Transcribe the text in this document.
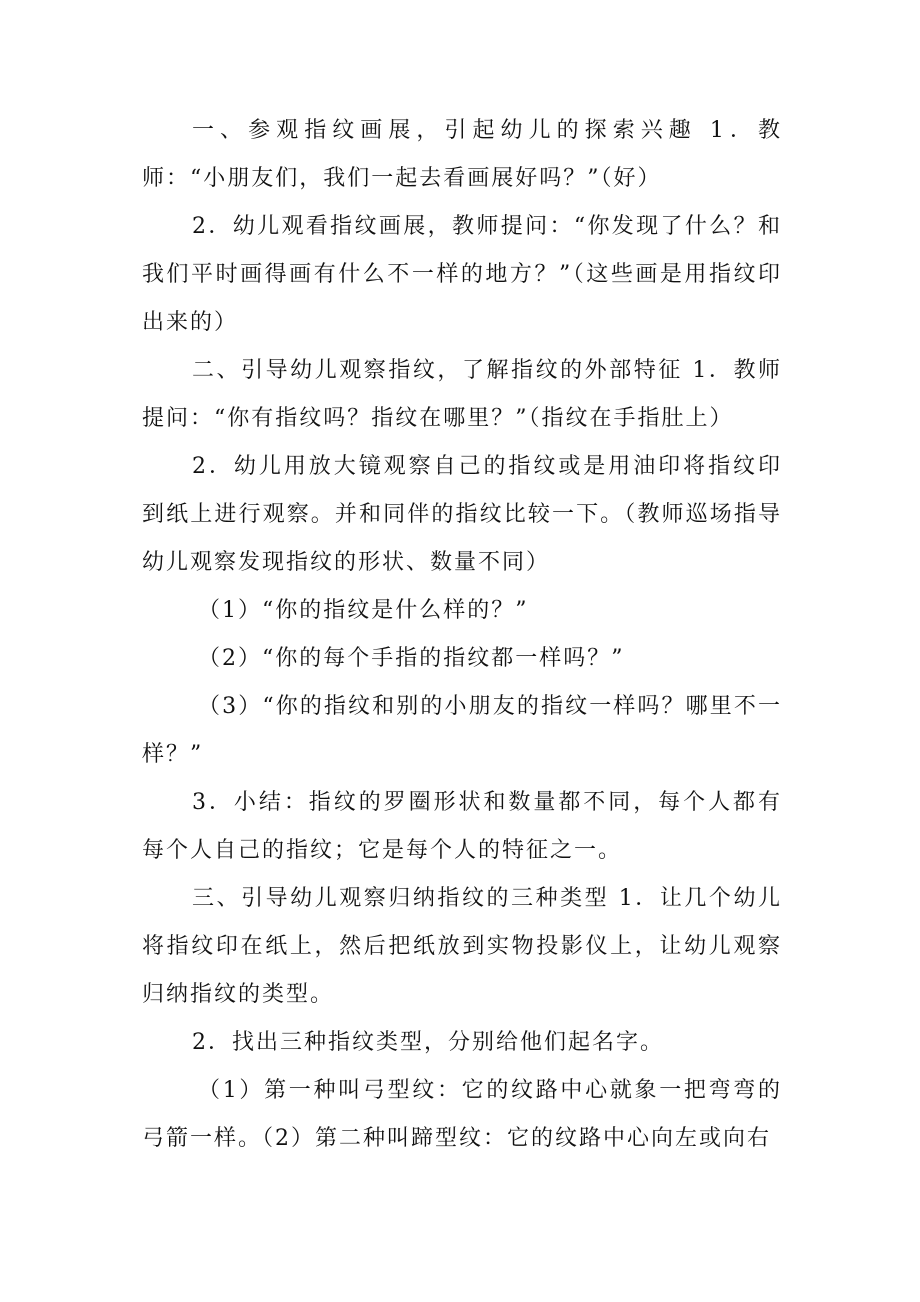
一、参观指纹画展，引起幼儿的探索兴趣 1．教师：“小朋友们，我们一起去看画展好吗？”（好）

2．幼儿观看指纹画展，教师提问：“你发现了什么？和我们平时画得画有什么不一样的地方？”（这些画是用指纹印出来的）

二、引导幼儿观察指纹，了解指纹的外部特征 1．教师提问：“你有指纹吗？指纹在哪里？”（指纹在手指肚上）

2．幼儿用放大镜观察自己的指纹或是用油印将指纹印到纸上进行观察。并和同伴的指纹比较一下。（教师巡场指导幼儿观察发现指纹的形状、数量不同）

（1）“你的指纹是什么样的？”

（2）“你的每个手指的指纹都一样吗？”

（3）“你的指纹和别的小朋友的指纹一样吗？哪里不一样？”

3．小结：指纹的罗圈形状和数量都不同，每个人都有每个人自己的指纹；它是每个人的特征之一。

三、引导幼儿观察归纳指纹的三种类型 1．让几个幼儿将指纹印在纸上，然后把纸放到实物投影仪上，让幼儿观察归纳指纹的类型。

2．找出三种指纹类型，分别给他们起名字。

（1）第一种叫弓型纹：它的纹路中心就象一把弯弯的弓箭一样。（2）第二种叫蹄型纹：它的纹路中心向左或向右
